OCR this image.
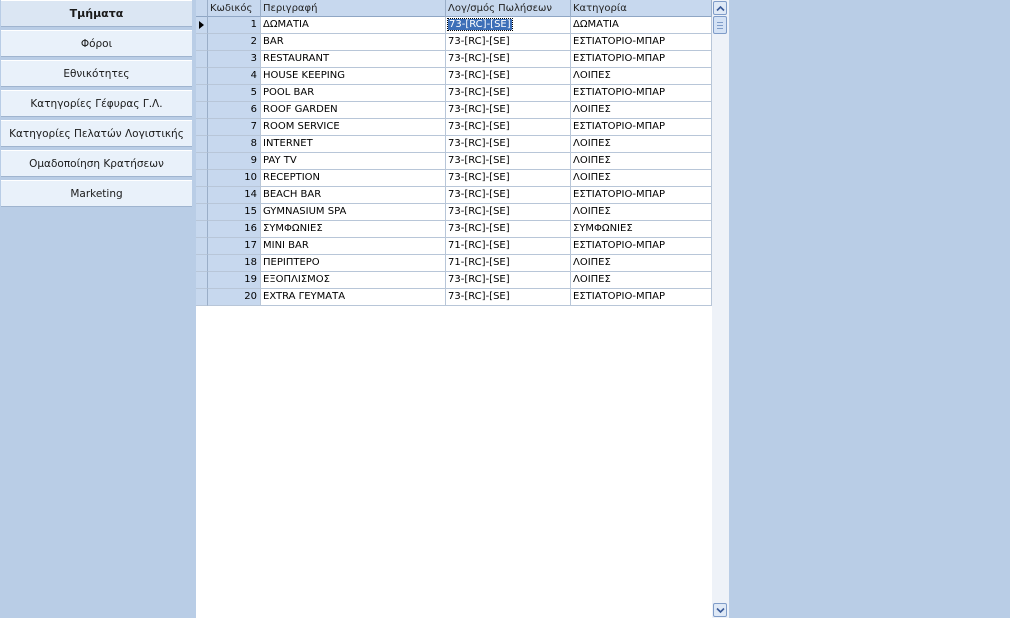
Τμήματα
Φόροι
Εθνικότητες
Κατηγορίες Γέφυρας Γ.Λ.
Κατηγορίες Πελατών Λογιστικής
Ομαδοποίηση Κρατήσεων
Marketing
Κωδικός	Περιγραφή	Λογ/σμός Πωλήσεων	Κατηγορία
1 ΔΩΜΑΤΙΑ	73-[RC]-[SE]	ΔΩΜΑΤΙΑ
2 BAR	73-[RC]-[SE]	ΕΣΤΙΑΤΟΡΙΟ-ΜΠΑΡ
3 RESTAURANT	73-[RC]-[SE]	ΕΣΤΙΑΤΟΡΙΟ-ΜΠΑΡ
4 HOUSE KEEPING	73-[RC]-[SE]	ΛΟΙΠΕΣ
5 POOL BAR	73-[RC]-[SE]	ΕΣΤΙΑΤΟΡΙΟ-ΜΠΑΡ
6 ROOF GARDEN	73-[RC]-[SE]	ΛΟΙΠΕΣ
7 ROOM SERVICE	73-[RC]-[SE]	ΕΣΤΙΑΤΟΡΙΟ-ΜΠΑΡ
8 INTERNET	73-[RC]-[SE]	ΛΟΙΠΕΣ
9 PAY TV	73-[RC]-[SE]	ΛΟΙΠΕΣ
10 RECEPTION	73-[RC]-[SE]	ΛΟΙΠΕΣ
14 BEACH BAR	73-[RC]-[SE]	ΕΣΤΙΑΤΟΡΙΟ-ΜΠΑΡ
15 GYMNASIUM SPA	73-[RC]-[SE]	ΛΟΙΠΕΣ
16 ΣΥΜΦΩΝΙΕΣ	73-[RC]-[SE]	ΣΥΜΦΩΝΙΕΣ
17 MINI BAR	71-[RC]-[SE]	ΕΣΤΙΑΤΟΡΙΟ-ΜΠΑΡ
18 ΠΕΡΙΠΤΕΡΟ	71-[RC]-[SE]	ΛΟΙΠΕΣ
19 ΕΞΟΠΛΙΣΜΟΣ	73-[RC]-[SE]	ΛΟΙΠΕΣ
20 EXTRA ΓΕΥΜΑΤΑ	73-[RC]-[SE]	ΕΣΤΙΑΤΟΡΙΟ-ΜΠΑΡ
